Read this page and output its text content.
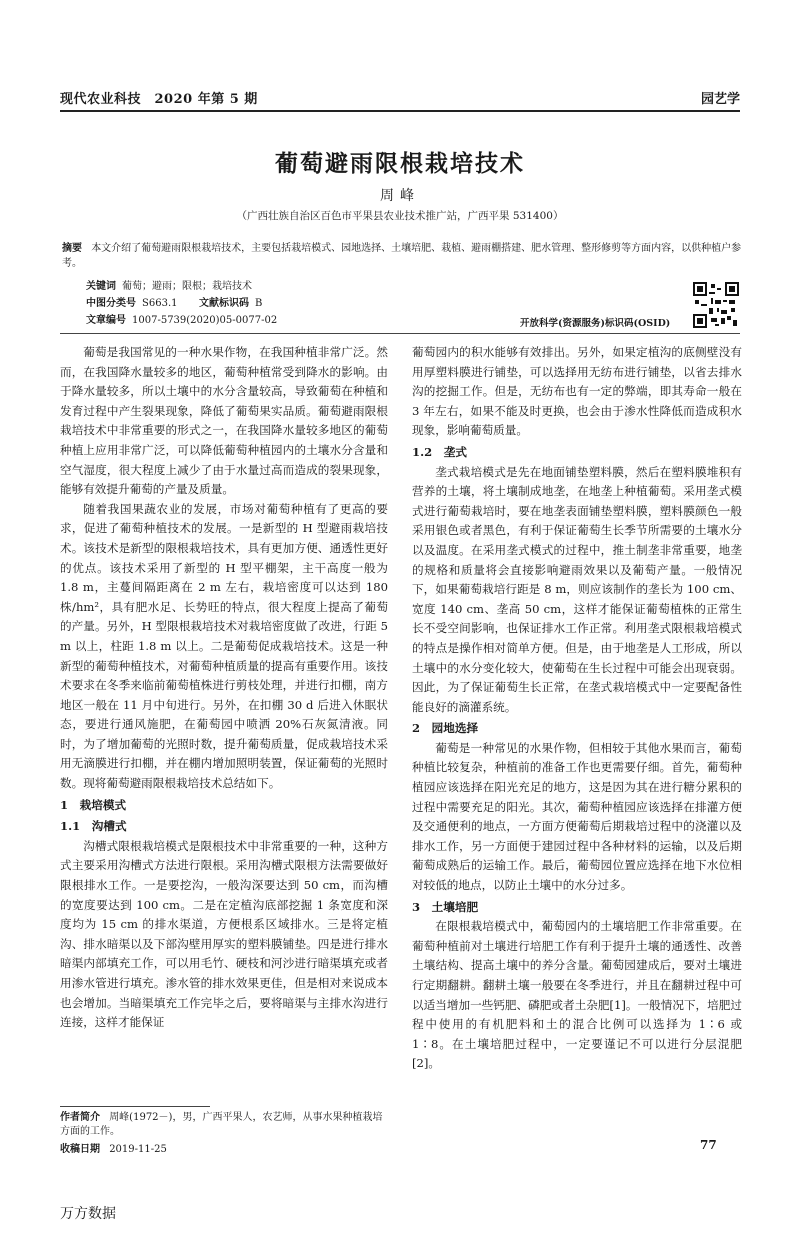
现代农业科技　2020 年第 5 期	园艺学
葡萄避雨限根栽培技术
周峰
（广西壮族自治区百色市平果县农业技术推广站，广西平果 531400）
摘要 本文介绍了葡萄避雨限根栽培技术，主要包括栽培模式、园地选择、土壤培肥、栽植、避雨棚搭建、肥水管理、整形修剪等方面内容，以供种植户参考。
关键词 葡萄；避雨；限根；栽培技术
中图分类号 S663.1 文献标识码 B
文章编号 1007-5739(2020)05-0077-02	开放科学(资源服务)标识码(OSID)

葡萄是我国常见的一种水果作物，在我国种植非常广泛。然而，在我国降水量较多的地区，葡萄种植常受到降水的影响。由于降水量较多，所以土壤中的水分含量较高，导致葡萄在种植和发育过程中产生裂果现象，降低了葡萄果实品质。葡萄避雨限根栽培技术中非常重要的形式之一，在我国降水量较多地区的葡萄种植上应用非常广泛，可以降低葡萄种植园内的土壤水分含量和空气湿度，很大程度上减少了由于水量过高而造成的裂果现象，能够有效提升葡萄的产量及质量。

随着我国果蔬农业的发展，市场对葡萄种植有了更高的要求，促进了葡萄种植技术的发展。一是新型的 H 型避雨栽培技术。该技术是新型的限根栽培技术，具有更加方便、通透性更好的优点。该技术采用了新型的 H 型平棚架，主干高度一般为 1.8 m，主蔓间隔距离在 2 m 左右，栽培密度可以达到 180 株/hm²，具有肥水足、长势旺的特点，很大程度上提高了葡萄的产量。另外，H 型限根栽培技术对栽培密度做了改进，行距 5 m 以上，柱距 1.8 m 以上。二是葡萄促成栽培技术。这是一种新型的葡萄种植技术，对葡萄种植质量的提高有重要作用。该技术要求在冬季来临前葡萄植株进行剪枝处理，并进行扣棚，南方地区一般在 11 月中旬进行。另外，在扣棚 30 d 后进入休眠状态，要进行通风施肥，在葡萄园中喷洒 20%石灰氮清液。同时，为了增加葡萄的光照时数，提升葡萄质量，促成栽培技术采用无滴膜进行扣棚，并在棚内增加照明装置，保证葡萄的光照时数。现将葡萄避雨限根栽培技术总结如下。

1　栽培模式
1.1　沟槽式

沟槽式限根栽培模式是限根技术中非常重要的一种，这种方式主要采用沟槽式方法进行限根。采用沟槽式限根方法需要做好限根排水工作。一是要挖沟，一般沟深要达到 50 cm，而沟槽的宽度要达到 100 cm。二是在定植沟底部挖掘 1 条宽度和深度均为 15 cm 的排水渠道，方便根系区域排水。三是将定植沟、排水暗渠以及下部沟壁用厚实的塑料膜铺垫。四是进行排水暗渠内部填充工作，可以用毛竹、硬枝和河沙进行暗渠填充或者用渗水管进行填充。渗水管的排水效果更佳，但是相对来说成本也会增加。当暗渠填充工作完毕之后，要将暗渠与主排水沟进行连接，这样才能保证

葡萄园内的积水能够有效排出。另外，如果定植沟的底侧壁没有用厚塑料膜进行铺垫，可以选择用无纺布进行铺垫，以省去排水沟的挖掘工作。但是，无纺布也有一定的弊端，即其寿命一般在 3 年左右，如果不能及时更换，也会由于渗水性降低而造成积水现象，影响葡萄质量。

1.2　垄式

垄式栽培模式是先在地面铺垫塑料膜，然后在塑料膜堆积有营养的土壤，将土壤制成地垄，在地垄上种植葡萄。采用垄式模式进行葡萄栽培时，要在地垄表面铺垫塑料膜，塑料膜颜色一般采用银色或者黑色，有利于保证葡萄生长季节所需要的土壤水分以及温度。在采用垄式模式的过程中，推土制垄非常重要，地垄的规格和质量将会直接影响避雨效果以及葡萄产量。一般情况下，如果葡萄栽培行距是 8 m，则应该制作的垄长为 100 cm、宽度 140 cm、垄高 50 cm，这样才能保证葡萄植株的正常生长不受空间影响，也保证排水工作正常。利用垄式限根栽培模式的特点是操作相对简单方便。但是，由于地垄是人工形成，所以土壤中的水分变化较大，使葡萄在生长过程中可能会出现衰弱。因此，为了保证葡萄生长正常，在垄式栽培模式中一定要配备性能良好的滴灌系统。

2　园地选择

葡萄是一种常见的水果作物，但相较于其他水果而言，葡萄种植比较复杂，种植前的准备工作也更需要仔细。首先，葡萄种植园应该选择在阳光充足的地方，这是因为其在进行糖分累积的过程中需要充足的阳光。其次，葡萄种植园应该选择在排灌方便及交通便利的地点，一方面方便葡萄后期栽培过程中的浇灌以及排水工作，另一方面便于建园过程中各种材料的运输，以及后期葡萄成熟后的运输工作。最后，葡萄园位置应选择在地下水位相对较低的地点，以防止土壤中的水分过多。

3　土壤培肥

在限根栽培模式中，葡萄园内的土壤培肥工作非常重要。在葡萄种植前对土壤进行培肥工作有利于提升土壤的通透性、改善土壤结构、提高土壤中的养分含量。葡萄园建成后，要对土壤进行定期翻耕。翻耕土壤一般要在冬季进行，并且在翻耕过程中可以适当增加一些钙肥、磷肥或者土杂肥[1]。一般情况下，培肥过程中使用的有机肥料和土的混合比例可以选择为 1∶6 或 1∶8。在土壤培肥过程中，一定要谨记不可以进行分层混肥[2]。

作者简介 周峰(1972－)，男，广西平果人，农艺师，从事水果种植栽培方面的工作。
收稿日期 2019-11-25	77
万方数据
